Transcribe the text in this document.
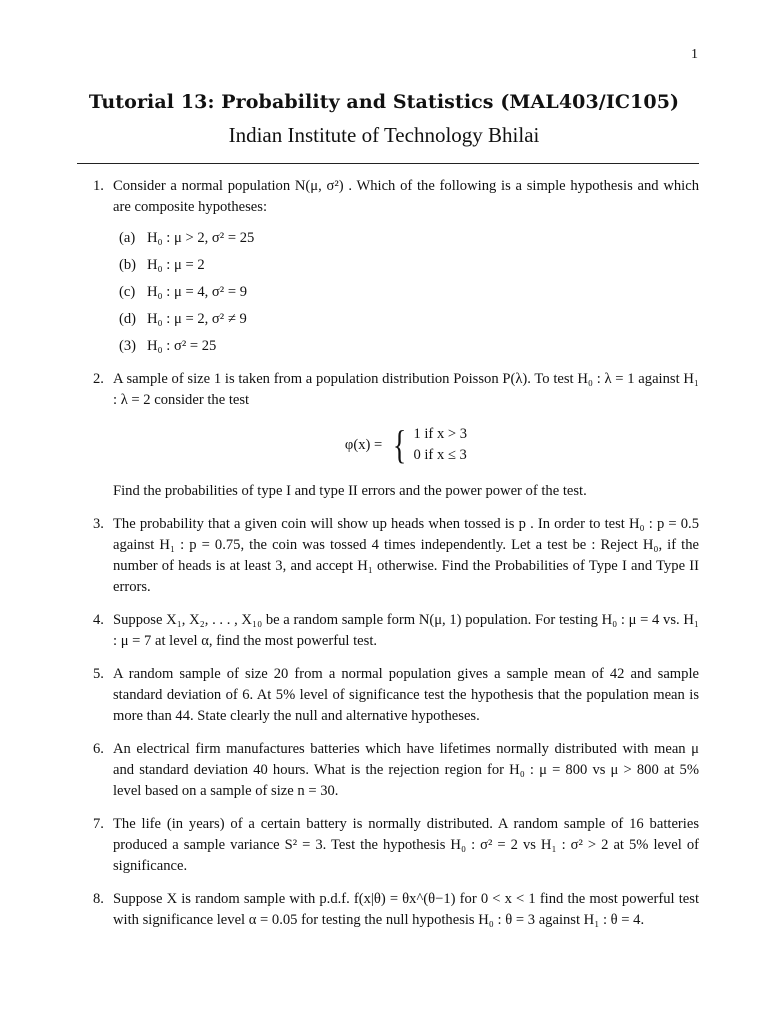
1
Tutorial 13: Probability and Statistics (MAL403/IC105)
Indian Institute of Technology Bhilai
1. Consider a normal population N(μ, σ²) . Which of the following is a simple hypothesis and which are composite hypotheses:
(a) H₀ : μ > 2, σ² = 25
(b) H₀ : μ = 2
(c) H₀ : μ = 4, σ² = 9
(d) H₀ : μ = 2, σ² ≠ 9
(3) H₀ : σ² = 25
2. A sample of size 1 is taken from a population distribution Poisson P(λ). To test H₀ : λ = 1 against H₁ : λ = 2 consider the test
φ(x) = { 1 if x > 3
0 if x ≤ 3
Find the probabilities of type I and type II errors and the power power of the test.
3. The probability that a given coin will show up heads when tossed is p . In order to test H₀ : p = 0.5 against H₁ : p = 0.75, the coin was tossed 4 times independently. Let a test be : Reject H₀, if the number of heads is at least 3, and accept H₁ otherwise. Find the Probabilities of Type I and Type II errors.
4. Suppose X₁, X₂, . . . , X₁₀ be a random sample form N(μ, 1) population. For testing H₀ : μ = 4 vs. H₁ : μ = 7 at level α, find the most powerful test.
5. A random sample of size 20 from a normal population gives a sample mean of 42 and sample standard deviation of 6. At 5% level of significance test the hypothesis that the population mean is more than 44. State clearly the null and alternative hypotheses.
6. An electrical firm manufactures batteries which have lifetimes normally distributed with mean μ and standard deviation 40 hours. What is the rejection region for H₀ : μ = 800 vs μ > 800 at 5% level based on a sample of size n = 30.
7. The life (in years) of a certain battery is normally distributed. A random sample of 16 batteries produced a sample variance S² = 3. Test the hypothesis H₀ : σ² = 2 vs H₁ : σ² > 2 at 5% level of significance.
8. Suppose X is random sample with p.d.f. f(x|θ) = θx^(θ−1) for 0 < x < 1 find the most powerful test with significance level α = 0.05 for testing the null hypothesis H₀ : θ = 3 against H₁ : θ = 4.
